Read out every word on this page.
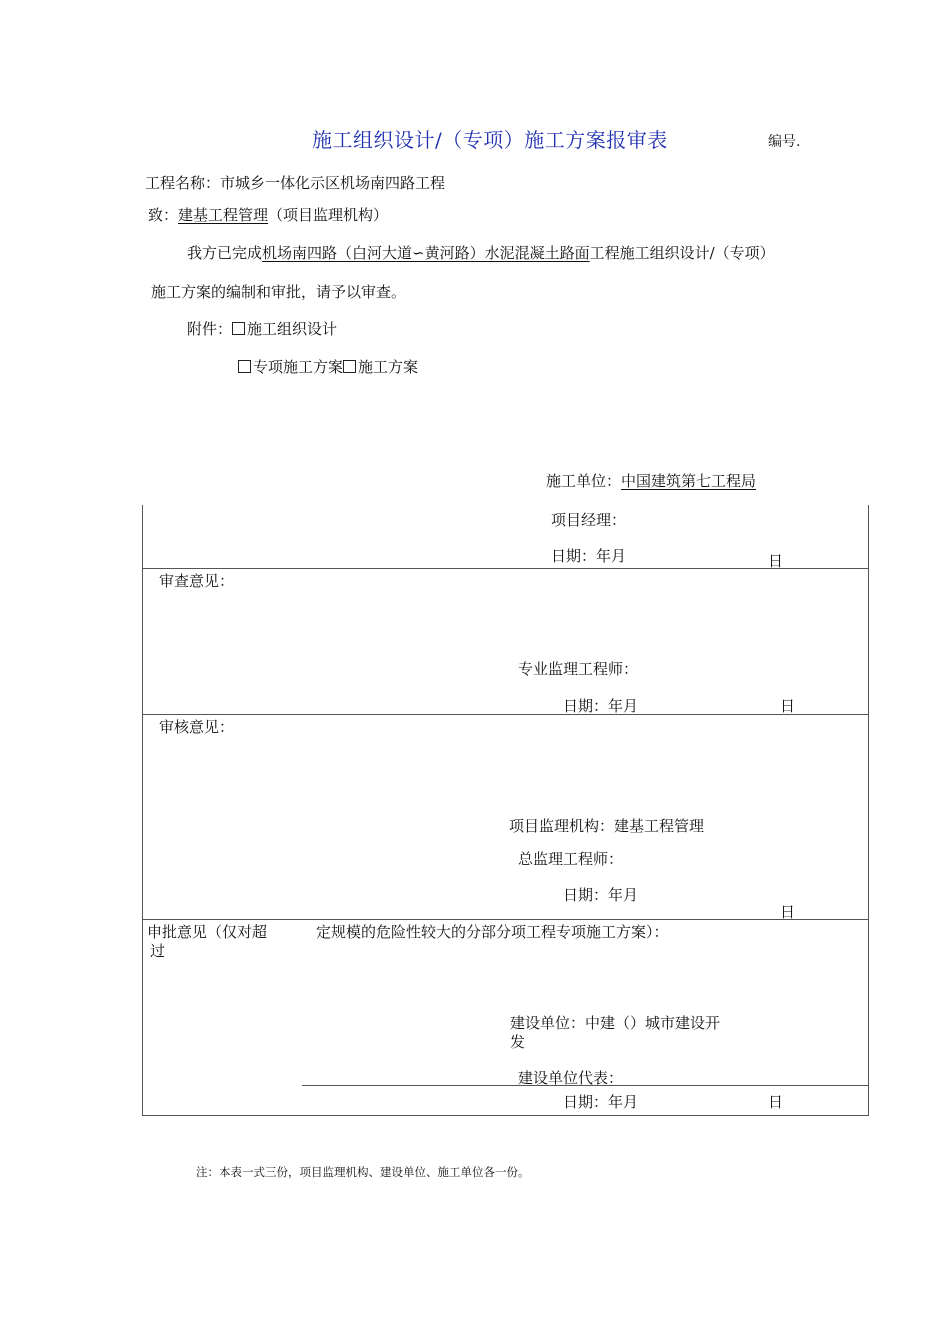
施工组织设计/（专项）施工方案报审表	编号.
工程名称：市城乡一体化示区机场南四路工程
致：建基工程管理（项目监理机构）
我方已完成机场南四路（白河大道∽黄河路）水泥混凝土路面工程施工组织设计/（专项）
施工方案的编制和审批，请予以审查。
附件： 施工组织设计
专项施工方案 施工方案
施工单位：中国建筑第七工程局
项目经理：
日期：年月	日
审查意见：
专业监理工程师：
日期：年月	日
审核意见：
项目监理机构：建基工程管理
总监理工程师：
日期：年月
日
申批意见（仅对超
过
定规模的危险性较大的分部分项工程专项施工方案）：
建设单位：中建（）城市建设开
发
建设单位代表：
日期：年月	日
注：本表一式三份，项目监理机构、建设单位、施工单位各一份。
